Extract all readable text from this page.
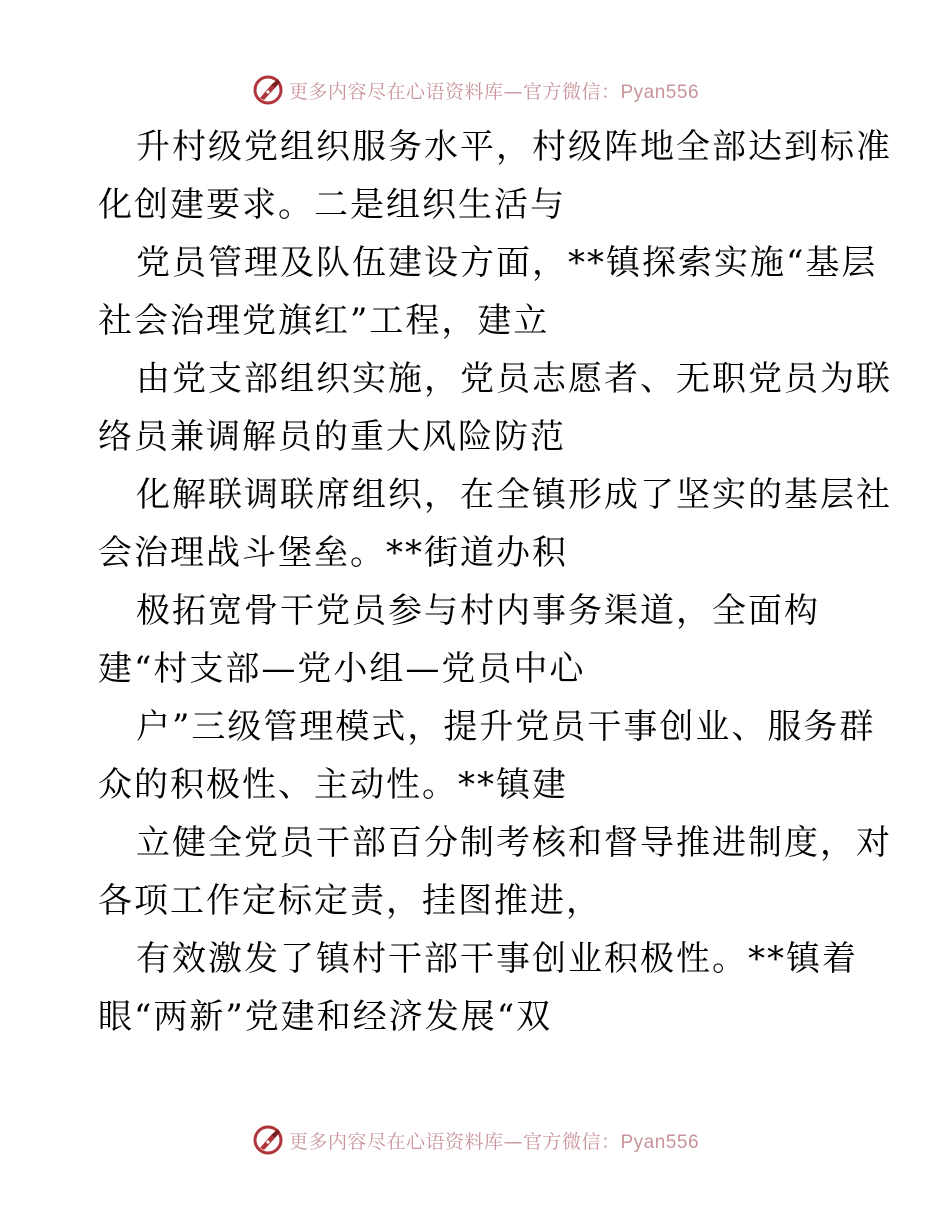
更多内容尽在心语资料库—官方微信：Pyan556
升村级党组织服务水平，村级阵地全部达到标准
化创建要求。二是组织生活与
党员管理及队伍建设方面，**镇探索实施“基层
社会治理党旗红”工程，建立
由党支部组织实施，党员志愿者、无职党员为联
络员兼调解员的重大风险防范
化解联调联席组织，在全镇形成了坚实的基层社
会治理战斗堡垒。**街道办积
极拓宽骨干党员参与村内事务渠道，全面构
建“村支部—党小组—党员中心
户”三级管理模式，提升党员干事创业、服务群
众的积极性、主动性。**镇建
立健全党员干部百分制考核和督导推进制度，对
各项工作定标定责，挂图推进，
有效激发了镇村干部干事创业积极性。**镇着
眼“两新”党建和经济发展“双
更多内容尽在心语资料库—官方微信：Pyan556
